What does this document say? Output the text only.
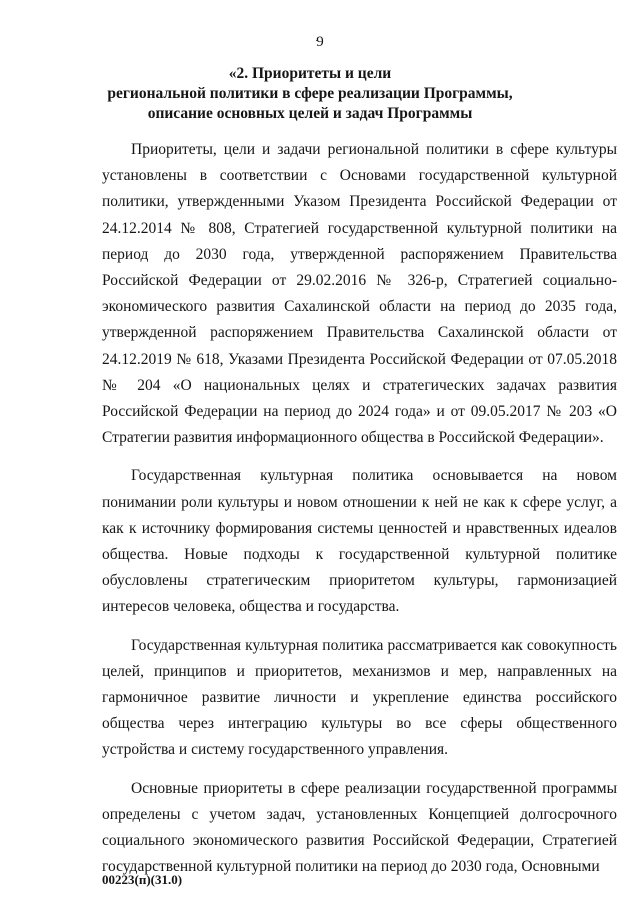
9
«2. Приоритеты и цели
региональной политики в сфере реализации Программы,
описание основных целей и задач Программы

Приоритеты, цели и задачи региональной политики в сфере культуры установлены в соответствии с Основами государственной культурной политики, утвержденными Указом Президента Российской Федерации от 24.12.2014 № 808, Стратегией государственной культурной политики на период до 2030 года, утвержденной распоряжением Правительства Российской Федерации от 29.02.2016 № 326-р, Стратегией социально-экономического развития Сахалинской области на период до 2035 года, утвержденной распоряжением Правительства Сахалинской области от 24.12.2019 № 618, Указами Президента Российской Федерации от 07.05.2018 № 204 «О национальных целях и стратегических задачах развития Российской Федерации на период до 2024 года» и от 09.05.2017 № 203 «О Стратегии развития информационного общества в Российской Федерации».

Государственная культурная политика основывается на новом понимании роли культуры и новом отношении к ней не как к сфере услуг, а как к источнику формирования системы ценностей и нравственных идеалов общества. Новые подходы к государственной культурной политике обусловлены стратегическим приоритетом культуры, гармонизацией интересов человека, общества и государства.

Государственная культурная политика рассматривается как совокупность целей, принципов и приоритетов, механизмов и мер, направленных на гармоничное развитие личности и укрепление единства российского общества через интеграцию культуры во все сферы общественного устройства и систему государственного управления.

Основные приоритеты в сфере реализации государственной программы определены с учетом задач, установленных Концепцией долгосрочного социального экономического развития Российской Федерации, Стратегией государственной культурной политики на период до 2030 года, Основными

00223(п)(31.0)
